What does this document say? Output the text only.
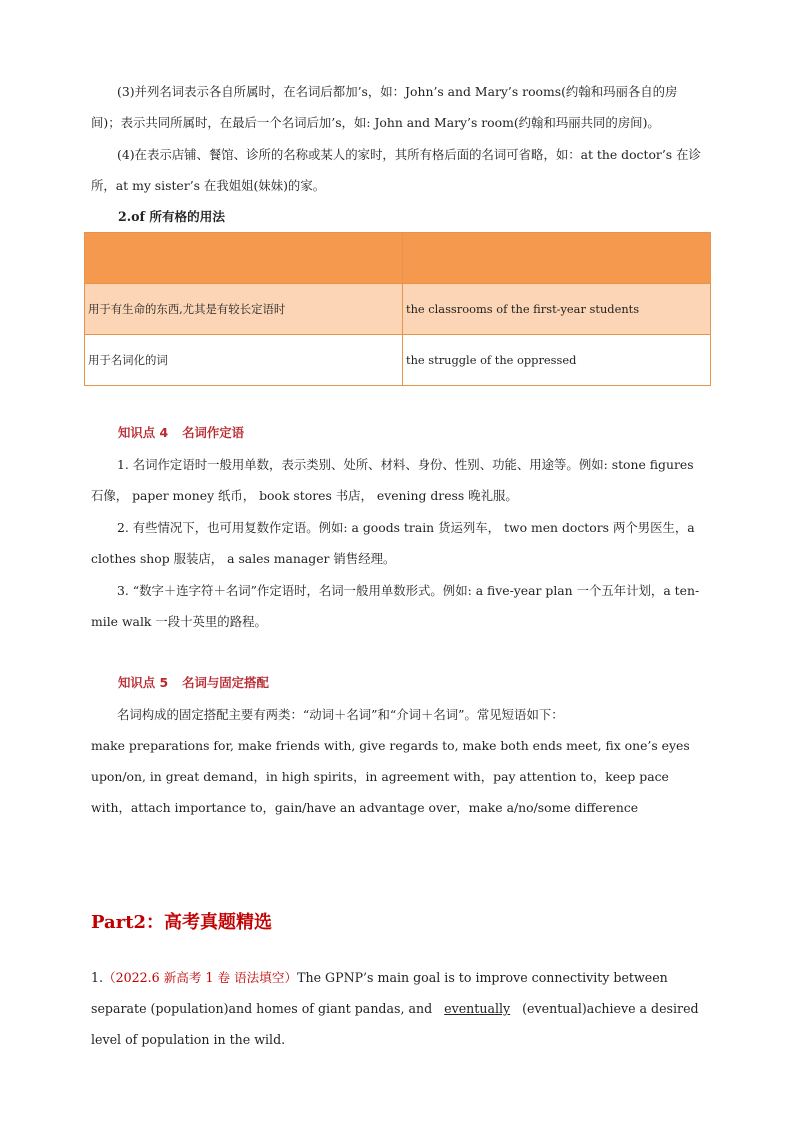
(3)并列名词表示各自所属时，在名词后都加’s，如：John’s and Mary’s rooms(约翰和玛丽各自的房间)；表示共同所属时，在最后一个名词后加’s，如: John and Mary’s room(约翰和玛丽共同的房间)。

(4)在表示店铺、餐馆、诊所的名称或某人的家时，其所有格后面的名词可省略，如：at the doctor’s 在诊所，at my sister’s 在我姐姐(妹妹)的家。

2.of 所有格的用法

用于有生命的东西,尤其是有较长定语时	the classrooms of the first-year students
用于名词化的词	the struggle of the oppressed
知识点 4 名词作定语

1. 名词作定语时一般用单数，表示类别、处所、材料、身份、性别、功能、用途等。例如: stone figures 石像， paper money 纸币， book stores 书店， evening dress 晚礼服。

2. 有些情况下，也可用复数作定语。例如: a goods train 货运列车， two men doctors 两个男医生，a clothes shop 服装店， a sales manager 销售经理。

3. “数字＋连字符＋名词”作定语时，名词一般用单数形式。例如: a five-year plan 一个五年计划，a ten-mile walk 一段十英里的路程。

知识点 5 名词与固定搭配

名词构成的固定搭配主要有两类：“动词＋名词”和“介词＋名词”。常见短语如下：

make preparations for, make friends with, give regards to, make both ends meet, fix one’s eyes upon/on, in great demand，in high spirits，in agreement with，pay attention to，keep pace with，attach importance to，gain/have an advantage over，make a/no/some difference

Part2：高考真题精选

1.（2022.6 新高考 1 卷 语法填空）The GPNP’s main goal is to improve connectivity between separate (population)and homes of giant pandas, and eventually (eventual)achieve a desired level of population in the wild.
